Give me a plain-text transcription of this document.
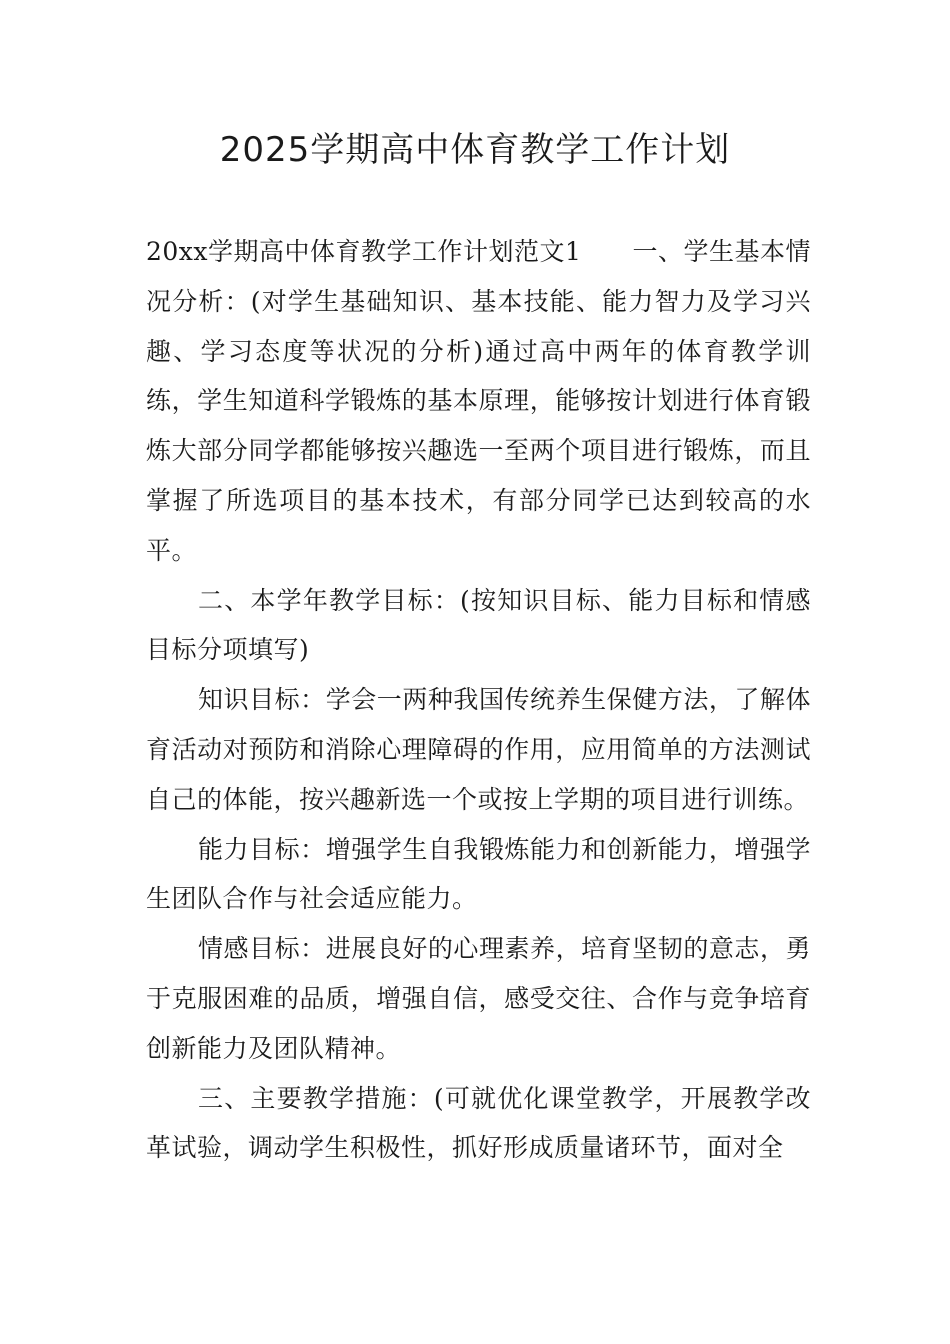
2025学期高中体育教学工作计划

20xx学期高中体育教学工作计划范文1　　一、学生基本情况分析：(对学生基础知识、基本技能、能力智力及学习兴趣、学习态度等状况的分析)通过高中两年的体育教学训练，学生知道科学锻炼的基本原理，能够按计划进行体育锻炼大部分同学都能够按兴趣选一至两个项目进行锻炼，而且掌握了所选项目的基本技术，有部分同学已达到较高的水平。

二、本学年教学目标：(按知识目标、能力目标和情感目标分项填写)

知识目标：学会一两种我国传统养生保健方法，了解体育活动对预防和消除心理障碍的作用，应用简单的方法测试自己的体能，按兴趣新选一个或按上学期的项目进行训练。

能力目标：增强学生自我锻炼能力和创新能力，增强学生团队合作与社会适应能力。

情感目标：进展良好的心理素养，培育坚韧的意志，勇于克服困难的品质，增强自信，感受交往、合作与竞争培育创新能力及团队精神。

三、主要教学措施：(可就优化课堂教学，开展教学改革试验，调动学生积极性，抓好形成质量诸环节，面对全
